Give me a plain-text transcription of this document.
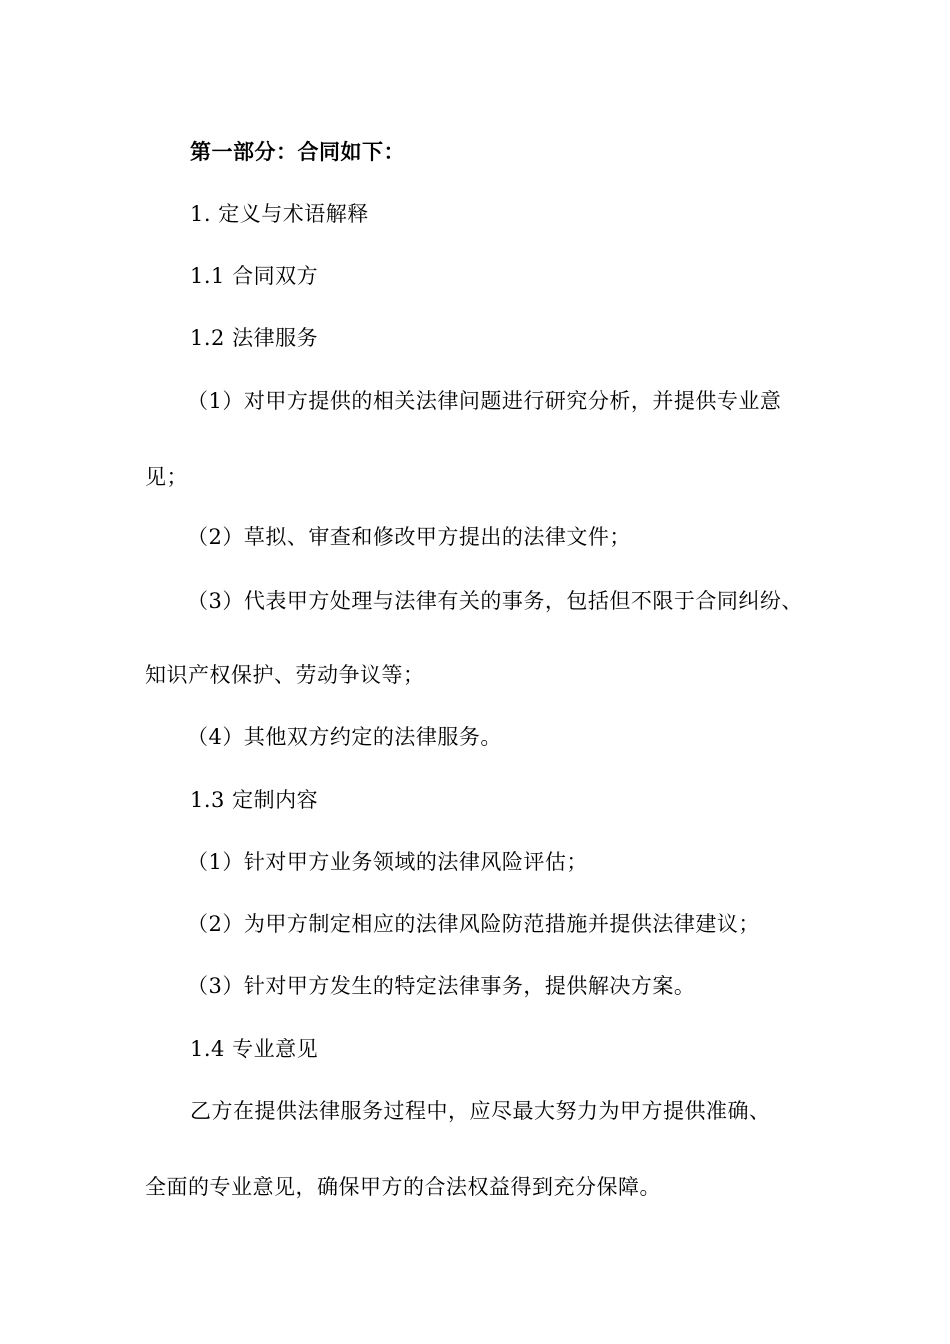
第一部分：合同如下：
1. 定义与术语解释
1.1 合同双方
1.2 法律服务
（1）对甲方提供的相关法律问题进行研究分析，并提供专业意
见；
（2）草拟、审查和修改甲方提出的法律文件；
（3）代表甲方处理与法律有关的事务，包括但不限于合同纠纷、
知识产权保护、劳动争议等；
（4）其他双方约定的法律服务。
1.3 定制内容
（1）针对甲方业务领域的法律风险评估；
（2）为甲方制定相应的法律风险防范措施并提供法律建议；
（3）针对甲方发生的特定法律事务，提供解决方案。
1.4 专业意见
乙方在提供法律服务过程中，应尽最大努力为甲方提供准确、
全面的专业意见，确保甲方的合法权益得到充分保障。
